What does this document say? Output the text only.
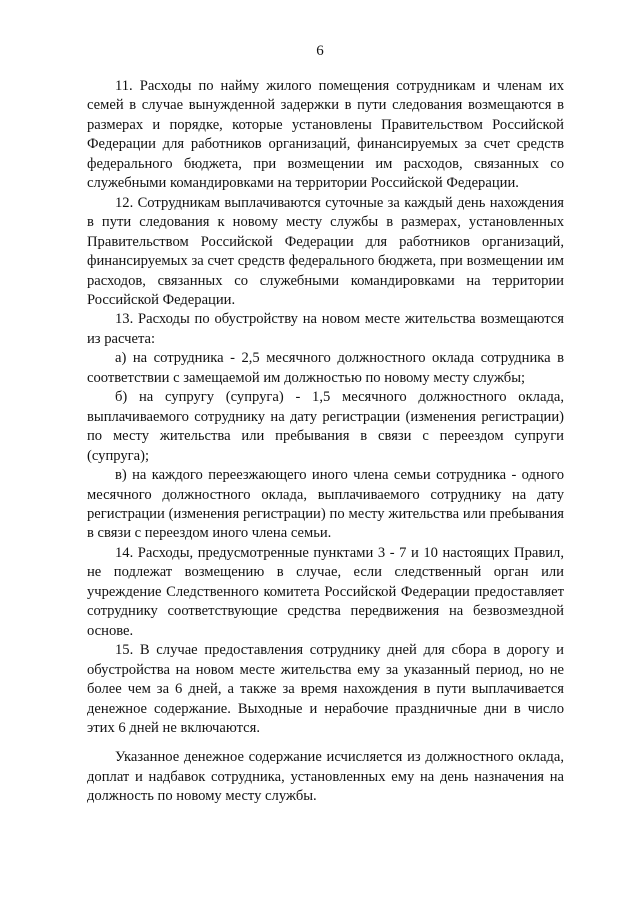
6

11. Расходы по найму жилого помещения сотрудникам и членам их семей в случае вынужденной задержки в пути следования возмещаются в размерах и порядке, которые установлены Правительством Российской Федерации для работников организаций, финансируемых за счет средств федерального бюджета, при возмещении им расходов, связанных со служебными командировками на территории Российской Федерации.

12. Сотрудникам выплачиваются суточные за каждый день нахождения в пути следования к новому месту службы в размерах, установленных Правительством Российской Федерации для работников организаций, финансируемых за счет средств федерального бюджета, при возмещении им расходов, связанных со служебными командировками на территории Российской Федерации.

13. Расходы по обустройству на новом месте жительства возмещаются из расчета:

а) на сотрудника - 2,5 месячного должностного оклада сотрудника в соответствии с замещаемой им должностью по новому месту службы;

б) на супругу (супруга) - 1,5 месячного должностного оклада, выплачиваемого сотруднику на дату регистрации (изменения регистрации) по месту жительства или пребывания в связи с переездом супруги (супруга);

в) на каждого переезжающего иного члена семьи сотрудника - одного месячного должностного оклада, выплачиваемого сотруднику на дату регистрации (изменения регистрации) по месту жительства или пребывания в связи с переездом иного члена семьи.

14. Расходы, предусмотренные пунктами 3 - 7 и 10 настоящих Правил, не подлежат возмещению в случае, если следственный орган или учреждение Следственного комитета Российской Федерации предоставляет сотруднику соответствующие средства передвижения на безвозмездной основе.

15. В случае предоставления сотруднику дней для сбора в дорогу и обустройства на новом месте жительства ему за указанный период, но не более чем за 6 дней, а также за время нахождения в пути выплачивается денежное содержание. Выходные и нерабочие праздничные дни в число этих 6 дней не включаются.

Указанное денежное содержание исчисляется из должностного оклада, доплат и надбавок сотрудника, установленных ему на день назначения на должность по новому месту службы.
